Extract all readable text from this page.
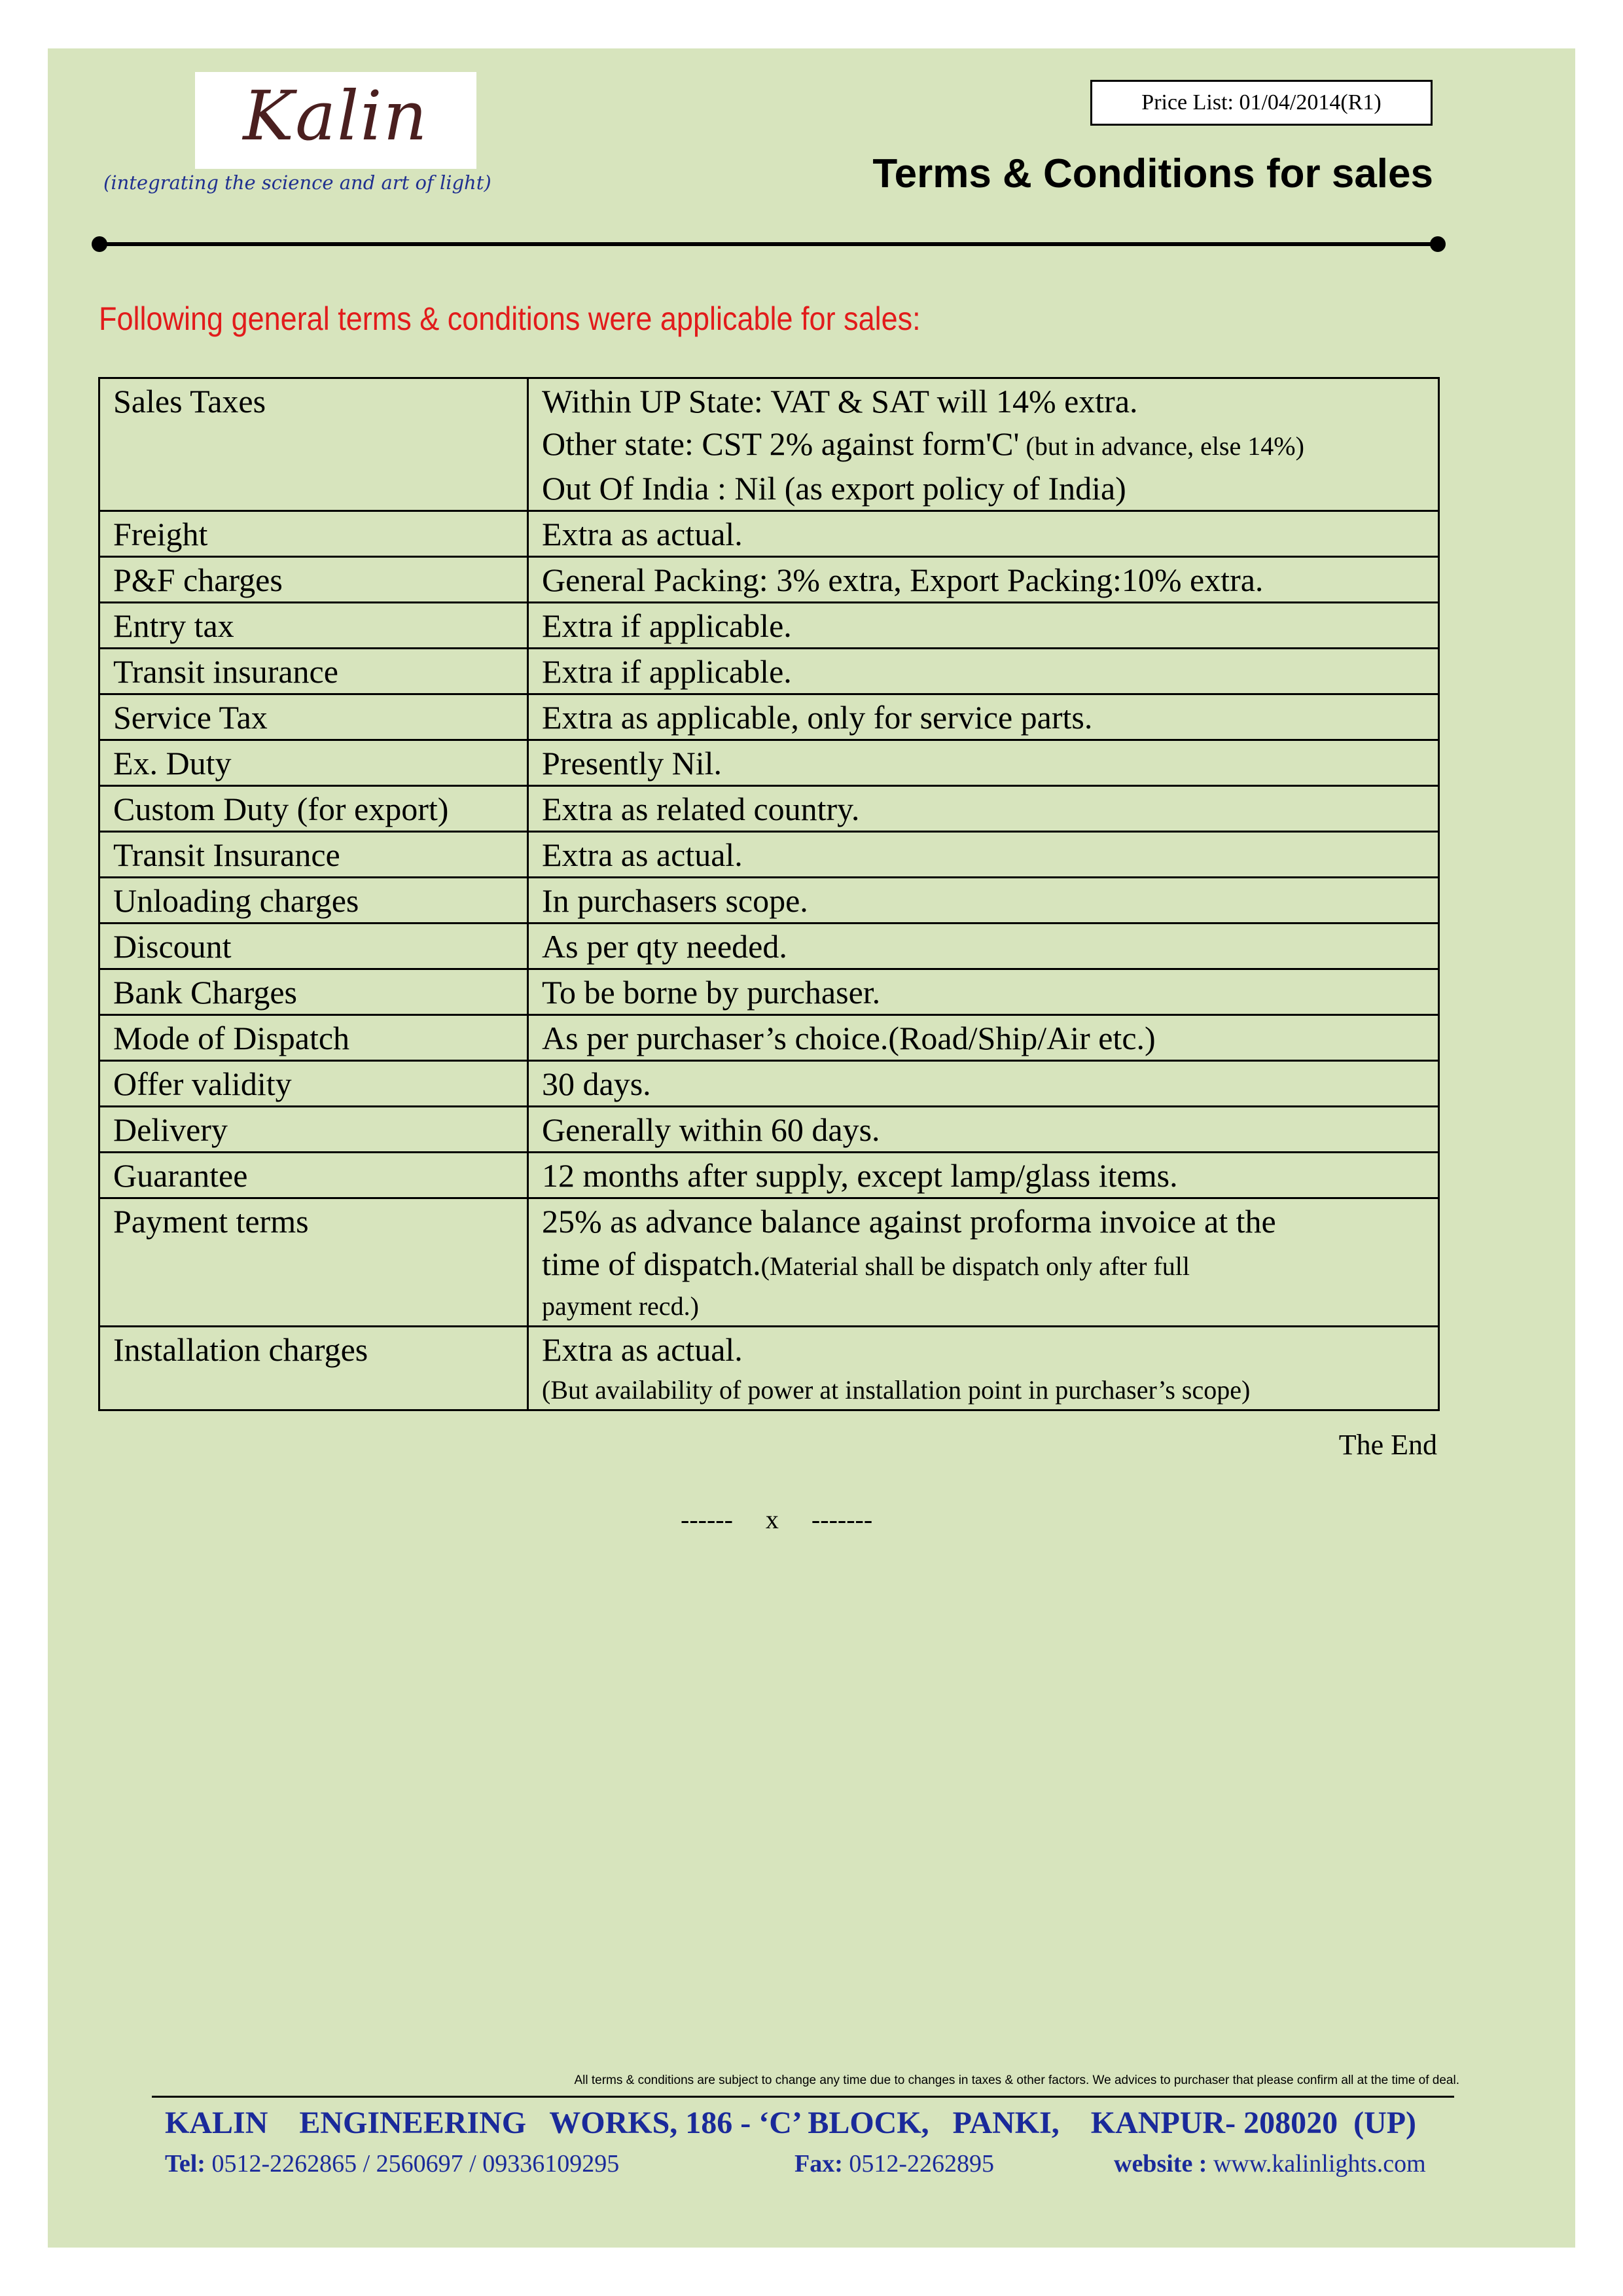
Kalin
(integrating the science and art of light)
Price List: 01/04/2014(R1)
Terms & Conditions for sales
Following general terms & conditions were applicable for sales:
Sales Taxes	Within UP State: VAT & SAT will 14% extra.
Other state: CST 2% against form'C' (but in advance, else 14%)
Out Of India : Nil (as export policy of India)

Freight	Extra as actual.
P&F charges	General Packing: 3% extra, Export Packing:10% extra.
Entry tax	Extra if applicable.
Transit insurance	Extra if applicable.
Service Tax	Extra as applicable, only for service parts.
Ex. Duty	Presently Nil.
Custom Duty (for export)	Extra as related country.
Transit Insurance	Extra as actual.
Unloading charges	In purchasers scope.
Discount	As per qty needed.
Bank Charges	To be borne by purchaser.
Mode of Dispatch	As per purchaser’s choice.(Road/Ship/Air etc.)
Offer validity	30 days.
Delivery	Generally within 60 days.
Guarantee	12 months after supply, except lamp/glass items.
Payment terms	25% as advance balance against proforma invoice at the
time of dispatch.(Material shall be dispatch only after full
payment recd.)

Installation charges	Extra as actual.
(But availability of power at installation point in purchaser’s scope)
The End
------     x     -------
All terms & conditions are subject to change any time due to changes in taxes & other factors. We advices to purchaser that please confirm all at the time of deal.
KALIN    ENGINEERING   WORKS, 186 - ‘C’ BLOCK,   PANKI,    KANPUR- 208020  (UP)
Tel: 0512-2262865 / 2560697 / 09336109295	Fax: 0512-2262895	website : www.kalinlights.com
